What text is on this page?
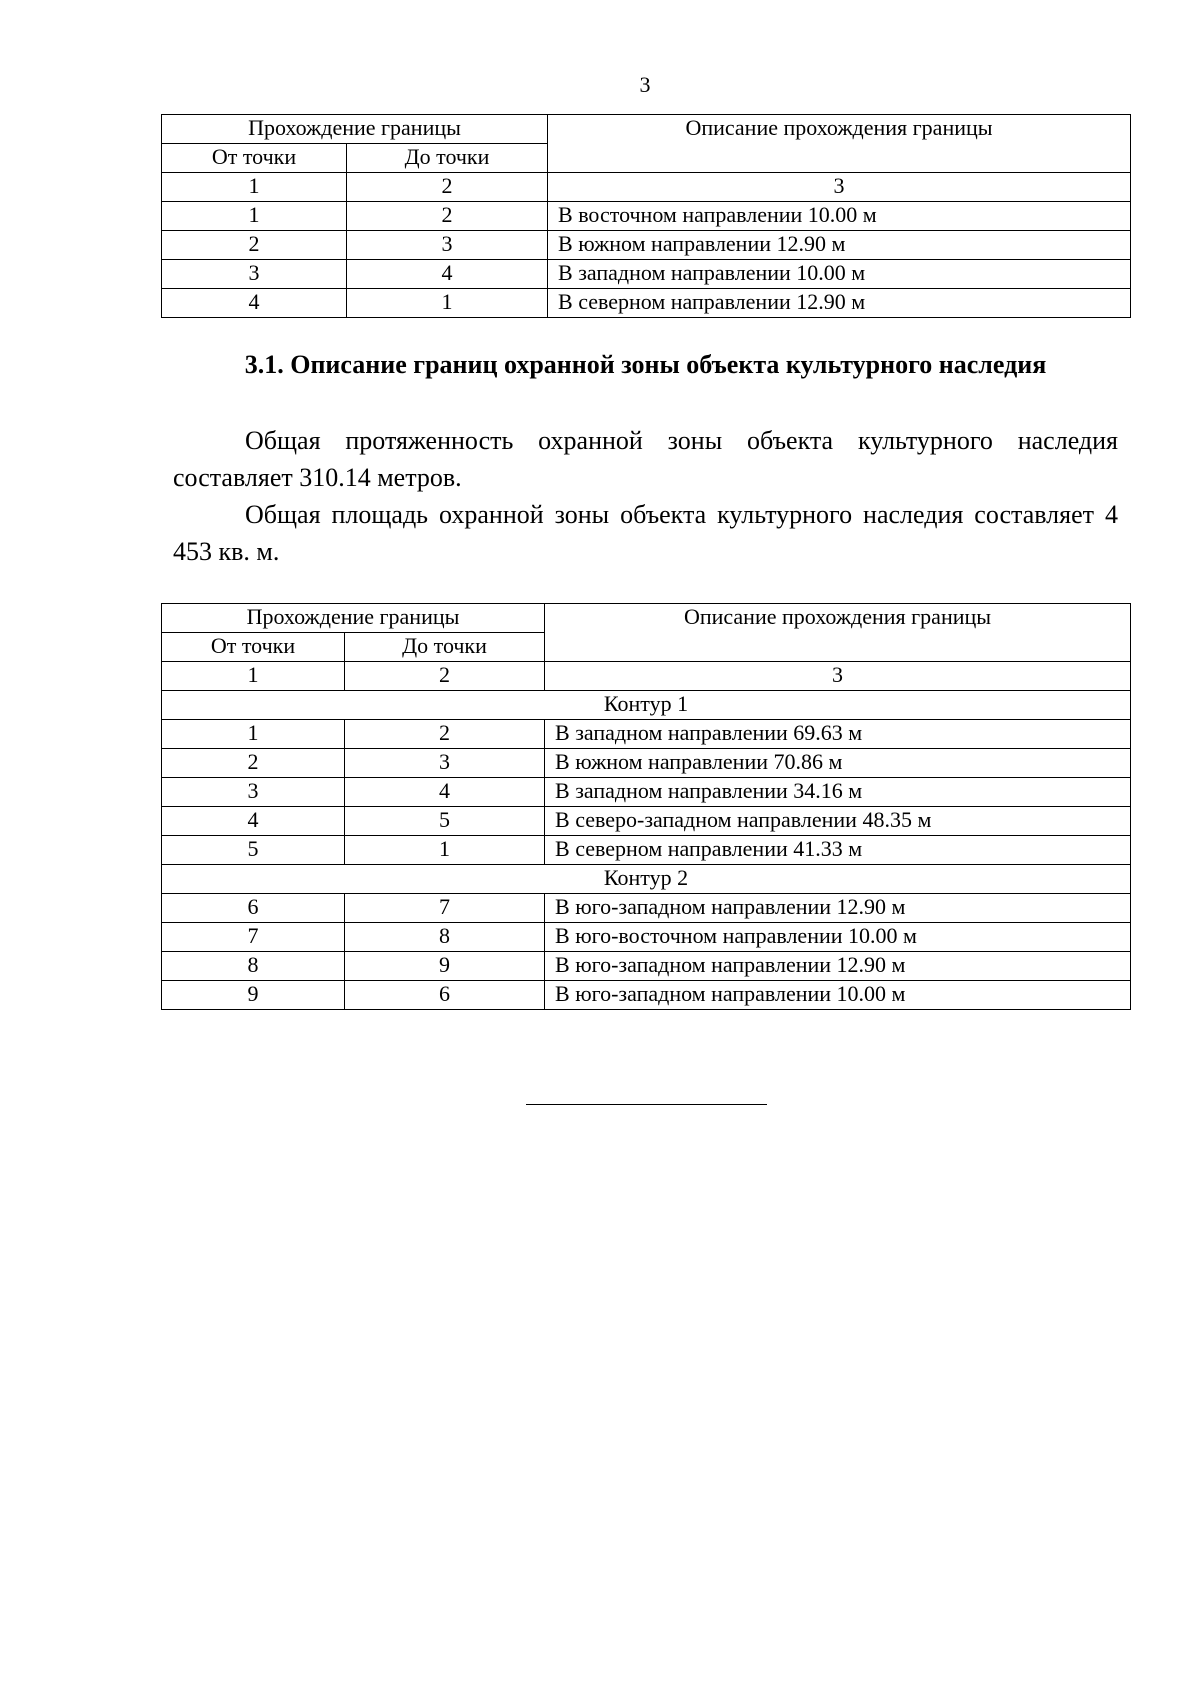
3
Прохождение границы		Описание прохождения границы
От точки	До точки	
1	2	3
1	2	В восточном направлении 10.00 м
2	3	В южном направлении 12.90 м
3	4	В западном направлении 10.00 м
4	1	В северном направлении 12.90 м
3.1. Описание границ охранной зоны объекта культурного наследия

Общая протяженность охранной зоны объекта культурного наследия составляет 310.14 метров.

Общая площадь охранной зоны объекта культурного наследия составляет 4 453 кв. м.

Прохождение границы		Описание прохождения границы
От точки	До точки	
1	2	3
Контур 1		
1	2	В западном направлении 69.63 м
2	3	В южном направлении 70.86 м
3	4	В западном направлении 34.16 м
4	5	В северо-западном направлении 48.35 м
5	1	В северном направлении 41.33 м
Контур 2		
6	7	В юго-западном направлении 12.90 м
7	8	В юго-восточном направлении 10.00 м
8	9	В юго-западном направлении 12.90 м
9	6	В юго-западном направлении 10.00 м
